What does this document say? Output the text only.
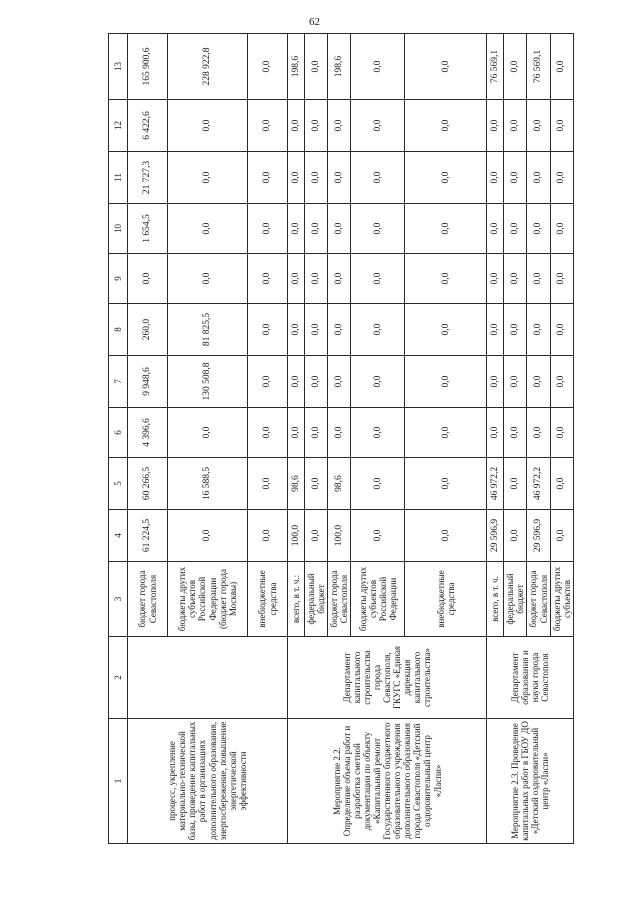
62
1	2	3	4	5	6	7	8	9	10	11	12	13
процесс, укрепление материально-технической базы, проведение капитальных работ в организациях дополнительного образования, энергосбережение, повышение энергетической эффективности		бюджет города Севастополя	61 224,5	60 266,5	4 396,6	9 948,6	260,0	0,0	1 654,5	21 727,3	6 422,6	165 900,6
		бюджеты других субъектов Российской Федерации (бюджет города Москвы)	0,0	16 588,5	0,0	130 508,8	81 825,5	0,0	0,0	0,0	0,0	228 922,8
		внебюджетные средства	0,0	0,0	0,0	0,0	0,0	0,0	0,0	0,0	0,0	0,0
Мероприятие 2.2. Определение объема работ и разработка сметной документации по объекту «Капитальный ремонт Государственного бюджетного образовательного учреждения дополнительного образования города Севастополя «Детский оздоровительный центр «Ласпи»	Департамент капитального строительства города Севастополя, ГКУГС «Единая дирекция капитального строительства»	всего, в т. ч.:	100,0	98,6	0,0	0,0	0,0	0,0	0,0	0,0	0,0	198,6
		федеральный бюджет	0,0	0,0	0,0	0,0	0,0	0,0	0,0	0,0	0,0	0,0
		бюджет города Севастополя	100,0	98,6	0,0	0,0	0,0	0,0	0,0	0,0	0,0	198,6
		бюджеты других субъектов Российской Федерации	0,0	0,0	0,0	0,0	0,0	0,0	0,0	0,0	0,0	0,0
		внебюджетные средства	0,0	0,0	0,0	0,0	0,0	0,0	0,0	0,0	0,0	0,0
Мероприятие 2.3. Проведение капитальных работ в ГБОУ ДО «Детский оздоровительный центр «Ласпи»	Департамент образования и науки города Севастополя	всего, в т. ч.	29 596,9	46 972,2	0,0	0,0	0,0	0,0	0,0	0,0	0,0	76 569,1
		федеральный бюджет	0,0	0,0	0,0	0,0	0,0	0,0	0,0	0,0	0,0	0,0
		бюджет города Севастополя	29 596,9	46 972,2	0,0	0,0	0,0	0,0	0,0	0,0	0,0	76 569,1
		бюджеты других субъектов	0,0	0,0	0,0	0,0	0,0	0,0	0,0	0,0	0,0	0,0
